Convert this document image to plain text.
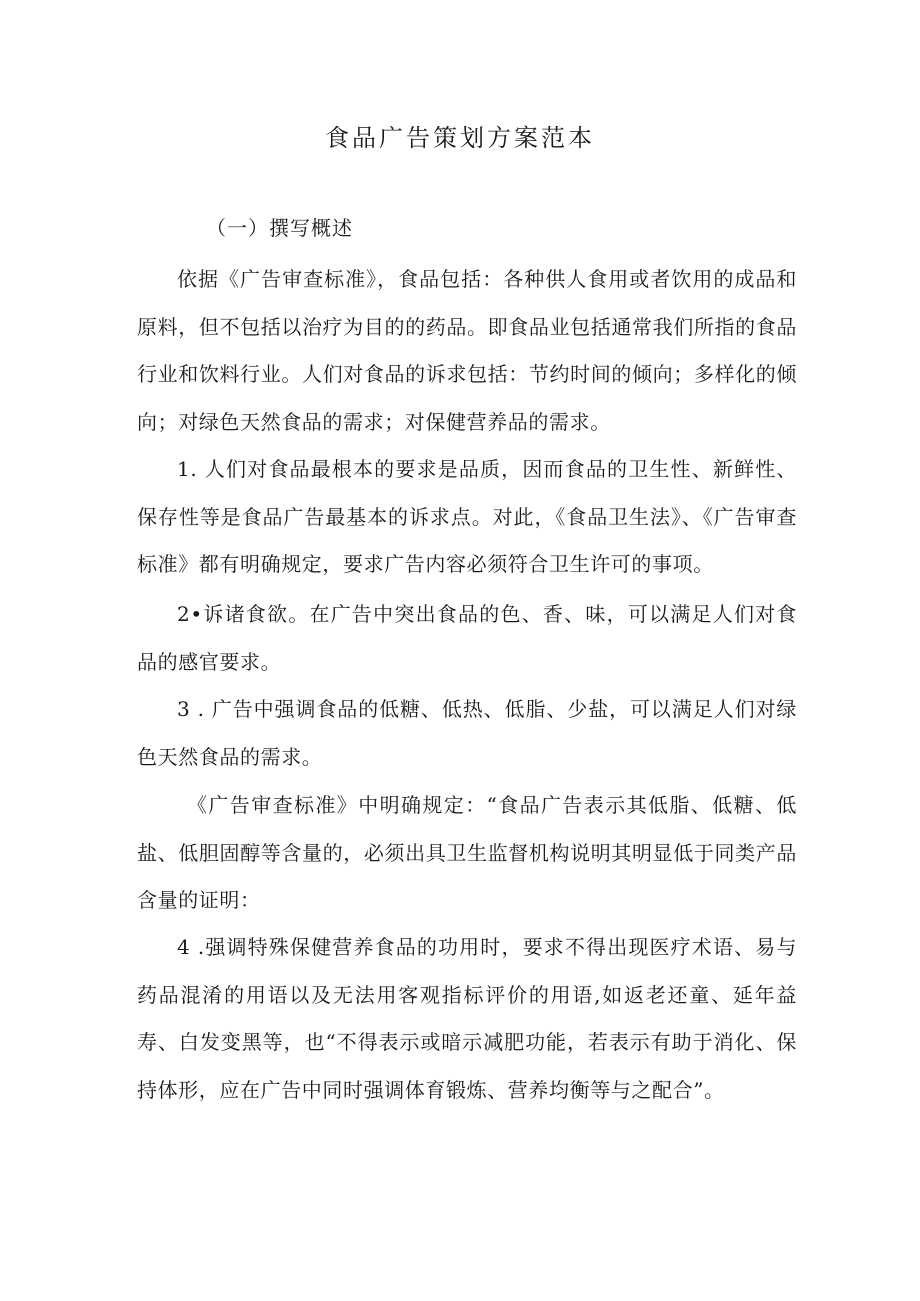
食品广告策划方案范本

（一）撰写概述

依据《广告审查标准》，食品包括：各种供人食用或者饮用的成品和原料，但不包括以治疗为目的的药品。即食品业包括通常我们所指的食品行业和饮料行业。人们对食品的诉求包括：节约时间的倾向；多样化的倾向；对绿色天然食品的需求；对保健营养品的需求。

1. 人们对食品最根本的要求是品质，因而食品的卫生性、新鲜性、保存性等是食品广告最基本的诉求点。对此，《食品卫生法》、《广告审查标准》都有明确规定，要求广告内容必须符合卫生许可的事项。

2•诉诸食欲。在广告中突出食品的色、香、味，可以满足人们对食品的感官要求。

3 . 广告中强调食品的低糖、低热、低脂、少盐，可以满足人们对绿色天然食品的需求。

《广告审查标准》中明确规定：“食品广告表示其低脂、低糖、低盐、低胆固醇等含量的，必须出具卫生监督机构说明其明显低于同类产品含量的证明：

4 .强调特殊保健营养食品的功用时，要求不得出现医疗术语、易与药品混淆的用语以及无法用客观指标评价的用语,如返老还童、延年益寿、白发变黑等，也“不得表示或暗示减肥功能，若表示有助于消化、保持体形，应在广告中同时强调体育锻炼、营养均衡等与之配合”。
